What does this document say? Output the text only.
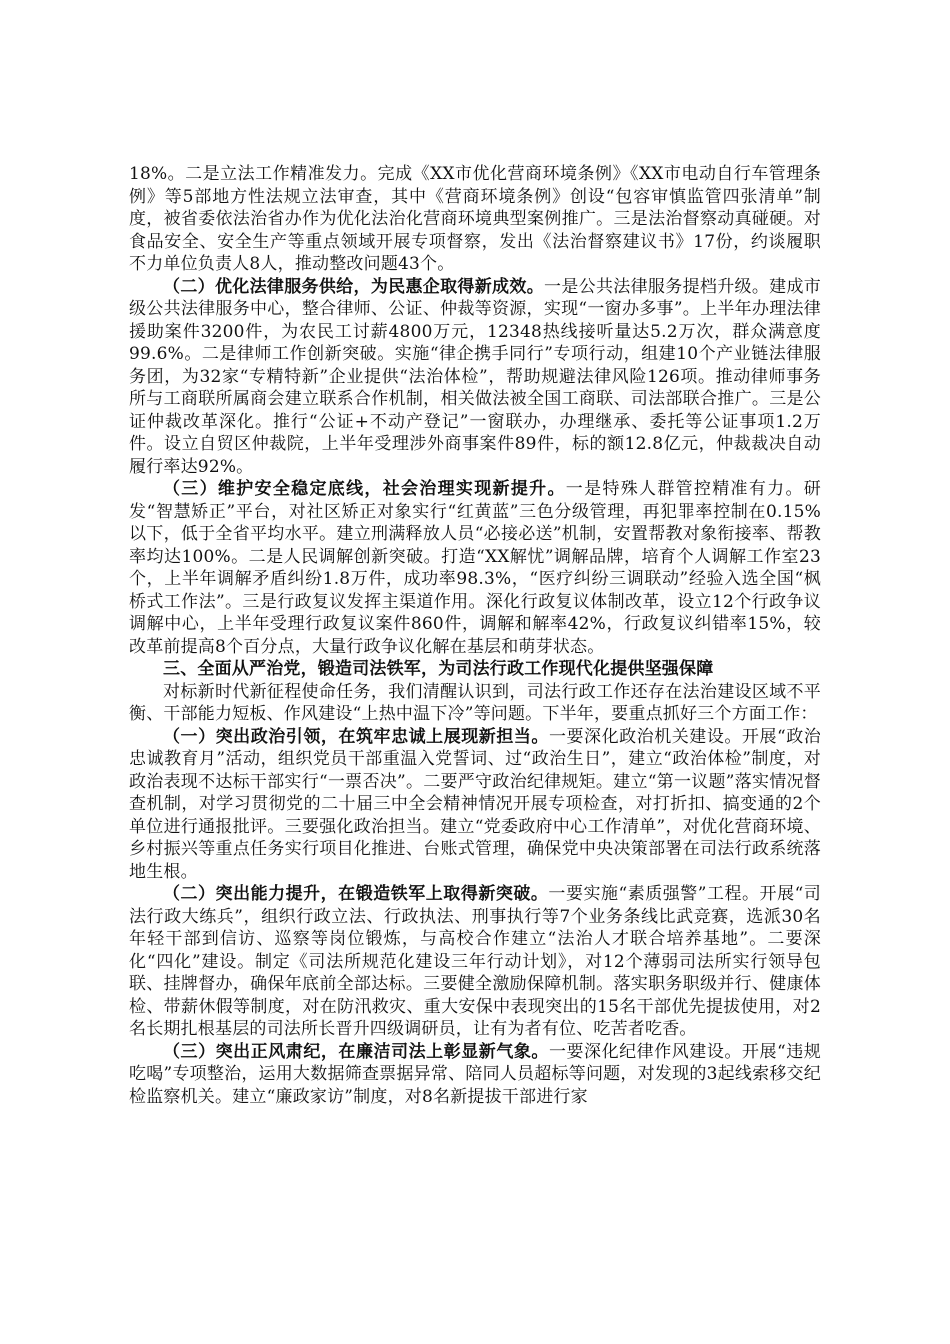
18%。二是立法工作精准发力。完成《XX市优化营商环境条例》《XX市电动自行车管理条例》等5部地方性法规立法审查，其中《营商环境条例》创设“包容审慎监管四张清单”制度，被省委依法治省办作为优化法治化营商环境典型案例推广。三是法治督察动真碰硬。对食品安全、安全生产等重点领域开展专项督察，发出《法治督察建议书》17份，约谈履职不力单位负责人8人，推动整改问题43个。

（二）优化法律服务供给，为民惠企取得新成效。一是公共法律服务提档升级。建成市级公共法律服务中心，整合律师、公证、仲裁等资源，实现“一窗办多事”。上半年办理法律援助案件3200件，为农民工讨薪4800万元，12348热线接听量达5.2万次，群众满意度99.6%。二是律师工作创新突破。实施“律企携手同行”专项行动，组建10个产业链法律服务团，为32家“专精特新”企业提供“法治体检”，帮助规避法律风险126项。推动律师事务所与工商联所属商会建立联系合作机制，相关做法被全国工商联、司法部联合推广。三是公证仲裁改革深化。推行“公证+不动产登记”一窗联办，办理继承、委托等公证事项1.2万件。设立自贸区仲裁院，上半年受理涉外商事案件89件，标的额12.8亿元，仲裁裁决自动履行率达92%。

（三）维护安全稳定底线，社会治理实现新提升。一是特殊人群管控精准有力。研发“智慧矫正”平台，对社区矫正对象实行“红黄蓝”三色分级管理，再犯罪率控制在0.15%以下，低于全省平均水平。建立刑满释放人员“必接必送”机制，安置帮教对象衔接率、帮教率均达100%。二是人民调解创新突破。打造“XX解忧”调解品牌，培育个人调解工作室23个，上半年调解矛盾纠纷1.8万件，成功率98.3%，“医疗纠纷三调联动”经验入选全国“枫桥式工作法”。三是行政复议发挥主渠道作用。深化行政复议体制改革，设立12个行政争议调解中心，上半年受理行政复议案件860件，调解和解率42%，行政复议纠错率15%，较改革前提高8个百分点，大量行政争议化解在基层和萌芽状态。

三、全面从严治党，锻造司法铁军，为司法行政工作现代化提供坚强保障

对标新时代新征程使命任务，我们清醒认识到，司法行政工作还存在法治建设区域不平衡、干部能力短板、作风建设“上热中温下冷”等问题。下半年，要重点抓好三个方面工作：

（一）突出政治引领，在筑牢忠诚上展现新担当。一要深化政治机关建设。开展“政治忠诚教育月”活动，组织党员干部重温入党誓词、过“政治生日”，建立“政治体检”制度，对政治表现不达标干部实行“一票否决”。二要严守政治纪律规矩。建立“第一议题”落实情况督查机制，对学习贯彻党的二十届三中全会精神情况开展专项检查，对打折扣、搞变通的2个单位进行通报批评。三要强化政治担当。建立“党委政府中心工作清单”，对优化营商环境、乡村振兴等重点任务实行项目化推进、台账式管理，确保党中央决策部署在司法行政系统落地生根。

（二）突出能力提升，在锻造铁军上取得新突破。一要实施“素质强警”工程。开展“司法行政大练兵”，组织行政立法、行政执法、刑事执行等7个业务条线比武竞赛，选派30名年轻干部到信访、巡察等岗位锻炼，与高校合作建立“法治人才联合培养基地”。二要深化“四化”建设。制定《司法所规范化建设三年行动计划》，对12个薄弱司法所实行领导包联、挂牌督办，确保年底前全部达标。三要健全激励保障机制。落实职务职级并行、健康体检、带薪休假等制度，对在防汛救灾、重大安保中表现突出的15名干部优先提拔使用，对2名长期扎根基层的司法所长晋升四级调研员，让有为者有位、吃苦者吃香。

（三）突出正风肃纪，在廉洁司法上彰显新气象。一要深化纪律作风建设。开展“违规吃喝”专项整治，运用大数据筛查票据异常、陪同人员超标等问题，对发现的3起线索移交纪检监察机关。建立“廉政家访”制度，对8名新提拔干部进行家
